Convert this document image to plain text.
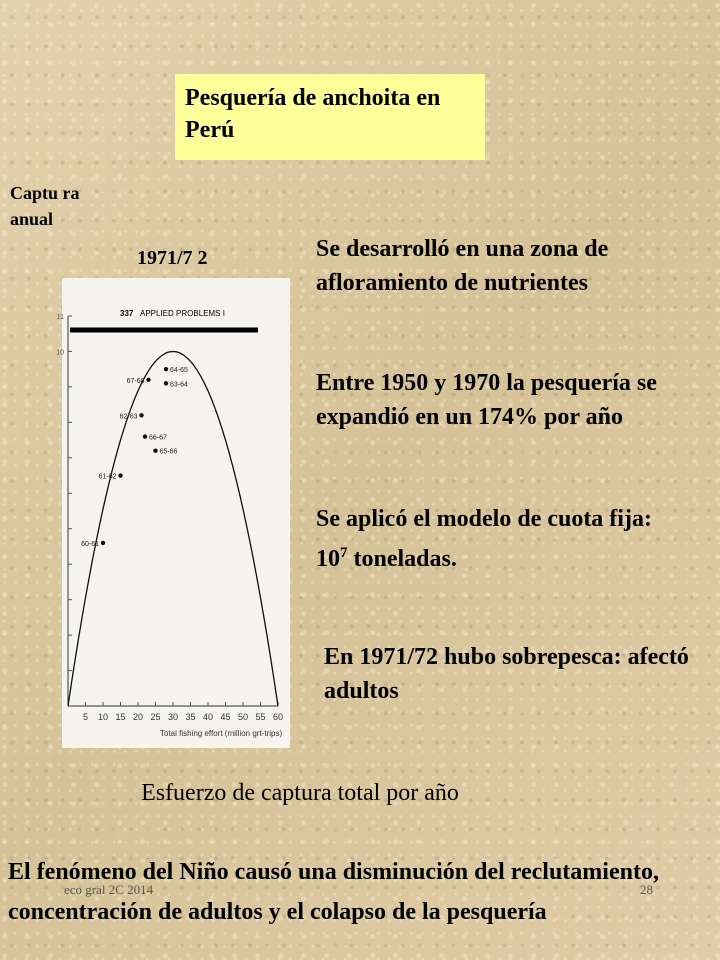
Pesquería de anchoita en Perú
Captu ra anual
1971/7 2
337 APPLIED PROBLEMS I
11
10
5 10 15 20 25 30 35 40 45 50 55 60
Total fishing effort (million grt-trips)
60-61
61-62
62-63
67-68
66-67
65-66
64-65
63-64
Se desarrolló en una zona de afloramiento de nutrientes
Entre 1950 y 1970 la pesquería se expandió en un 174% por año
Se aplicó el modelo de cuota fija: $10^7$ toneladas.
En 1971/72 hubo sobrepesca: afectó adultos
Esfuerzo de captura total por año
eco gral 2C 2014	28
El fenómeno del Niño causó una disminución del reclutamiento, concentración de adultos y el colapso de la pesquería
